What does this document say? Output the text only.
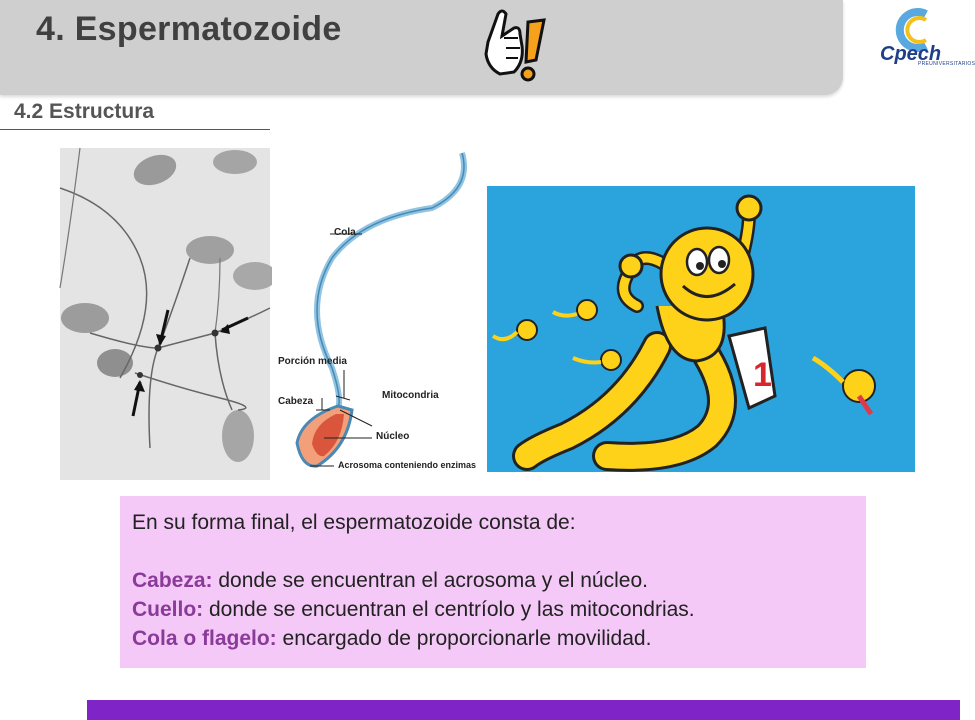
4. Espermatozoide
Cpech
PREUNIVERSITARIOS
4.2 Estructura
Cola
Porción media
Cabeza
Mitocondria
Núcleo
Acrosoma conteniendo enzimas
1

En su forma final, el espermatozoide consta de:

Cabeza: donde se encuentran el acrosoma y el núcleo.

Cuello: donde se encuentran el centríolo y las mitocondrias.

Cola o flagelo: encargado de proporcionarle movilidad.
